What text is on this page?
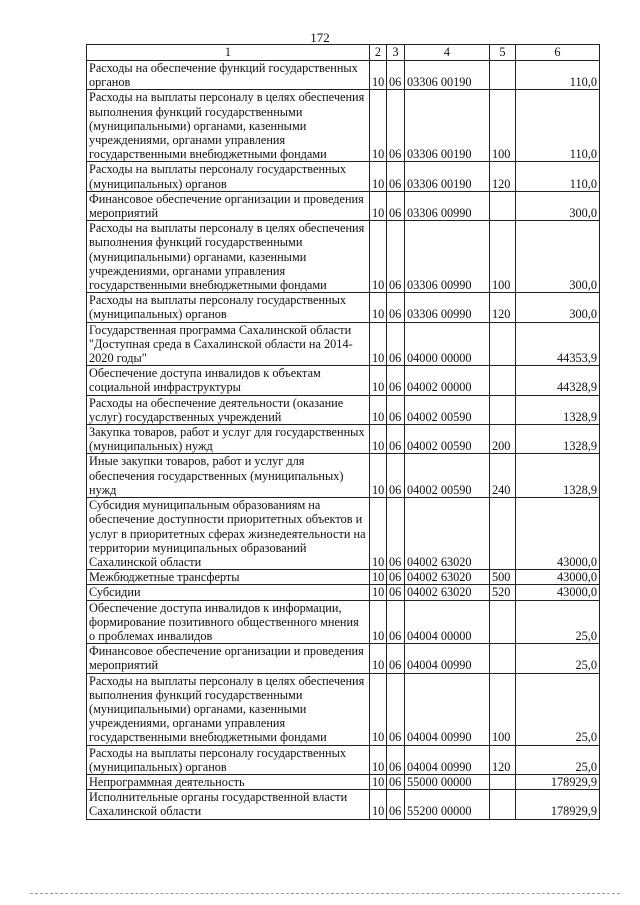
172
1	2	3	4	5	6
Расходы на обеспечение функций государственных органов	10	06	03306 00190		110,0
Расходы на выплаты персоналу в целях обеспечения выполнения функций государственными (муниципальными) органами, казенными учреждениями, органами управления государственными внебюджетными фондами	10	06	03306 00190	100	110,0
Расходы на выплаты персоналу государственных (муниципальных) органов	10	06	03306 00190	120	110,0
Финансовое обеспечение организации и проведения мероприятий	10	06	03306 00990		300,0
Расходы на выплаты персоналу в целях обеспечения выполнения функций государственными (муниципальными) органами, казенными учреждениями, органами управления государственными внебюджетными фондами	10	06	03306 00990	100	300,0
Расходы на выплаты персоналу государственных (муниципальных) органов	10	06	03306 00990	120	300,0
Государственная программа Сахалинской области "Доступная среда в Сахалинской области на 2014-2020 годы"	10	06	04000 00000		44353,9
Обеспечение доступа инвалидов к объектам социальной инфраструктуры	10	06	04002 00000		44328,9
Расходы на обеспечение деятельности (оказание услуг) государственных учреждений	10	06	04002 00590		1328,9
Закупка товаров, работ и услуг для государственных (муниципальных) нужд	10	06	04002 00590	200	1328,9
Иные закупки товаров, работ и услуг для обеспечения государственных (муниципальных) нужд	10	06	04002 00590	240	1328,9
Субсидия муниципальным образованиям на обеспечение доступности приоритетных объектов и услуг в приоритетных сферах жизнедеятельности на территории муниципальных образований Сахалинской области	10	06	04002 63020		43000,0
Межбюджетные трансферты	10	06	04002 63020	500	43000,0
Субсидии	10	06	04002 63020	520	43000,0
Обеспечение доступа инвалидов к информации, формирование позитивного общественного мнения о проблемах инвалидов	10	06	04004 00000		25,0
Финансовое обеспечение организации и проведения мероприятий	10	06	04004 00990		25,0
Расходы на выплаты персоналу в целях обеспечения выполнения функций государственными (муниципальными) органами, казенными учреждениями, органами управления государственными внебюджетными фондами	10	06	04004 00990	100	25,0
Расходы на выплаты персоналу государственных (муниципальных) органов	10	06	04004 00990	120	25,0
Непрограммная деятельность	10	06	55000 00000		178929,9
Исполнительные органы государственной власти Сахалинской области	10	06	55200 00000		178929,9
